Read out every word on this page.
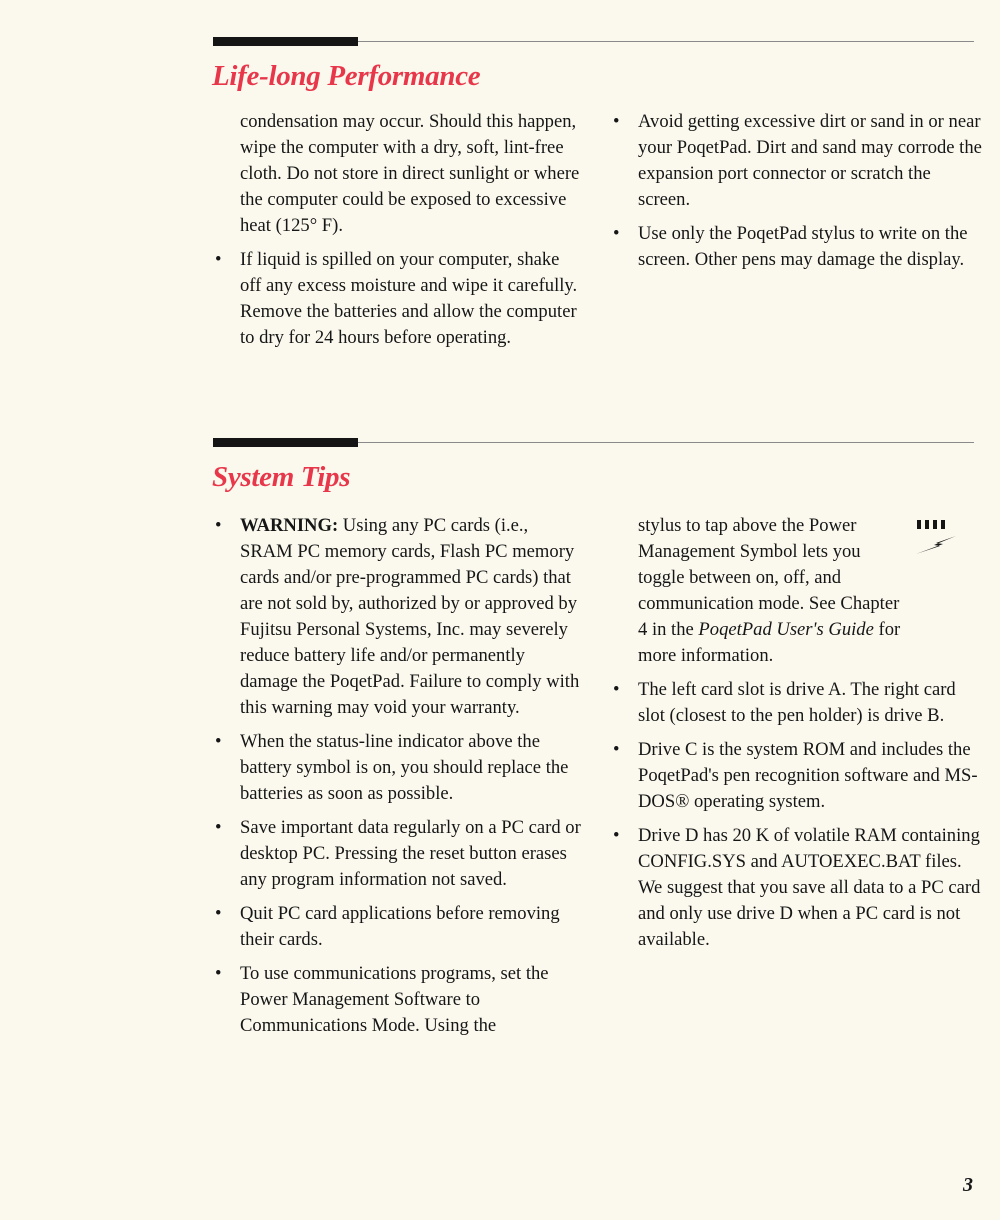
Life-long Performance

condensation may occur. Should this happen, wipe the computer with a dry, soft, lint-free cloth. Do not store in direct sunlight or where the computer could be exposed to excessive heat (125° F).

• If liquid is spilled on your computer, shake off any excess moisture and wipe it carefully. Remove the batteries and allow the computer to dry for 24 hours before operating.
• Avoid getting excessive dirt or sand in or near your PoqetPad. Dirt and sand may corrode the expansion port connector or scratch the screen.
• Use only the PoqetPad stylus to write on the screen. Other pens may damage the display.
System Tips
• WARNING: Using any PC cards (i.e., SRAM PC memory cards, Flash PC memory cards and/or pre-programmed PC cards) that are not sold by, authorized by or approved by Fujitsu Personal Systems, Inc. may severely reduce battery life and/or permanently damage the PoqetPad. Failure to comply with this warning may void your warranty.
• When the status-line indicator above the battery symbol is on, you should replace the batteries as soon as possible.
• Save important data regularly on a PC card or desktop PC. Pressing the reset button erases any program information not saved.
• Quit PC card applications before removing their cards.
• To use communications programs, set the Power Management Software to Communications Mode. Using the

stylus to tap above the Power Management Symbol lets you toggle between on, off, and communication mode. See Chapter 4 in the PoqetPad User's Guide for more information.

• The left card slot is drive A. The right card slot (closest to the pen holder) is drive B.
• Drive C is the system ROM and includes the PoqetPad's pen recognition software and MS-DOS® operating system.
• Drive D has 20 K of volatile RAM containing CONFIG.SYS and AUTOEXEC.BAT files. We suggest that you save all data to a PC card and only use drive D when a PC card is not available.
3
